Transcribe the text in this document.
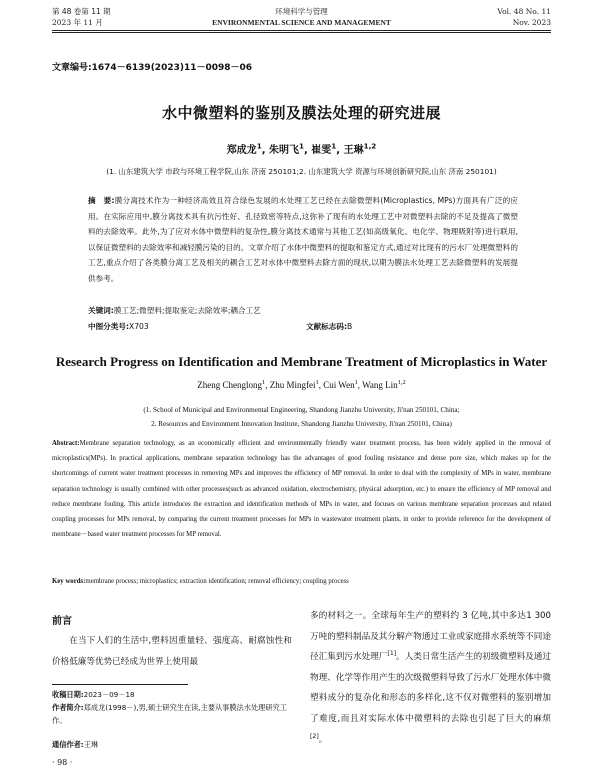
第 48 卷第 11 期
2023 年 11 月
环境科学与管理
ENVIRONMENTAL SCIENCE AND MANAGEMENT
Vol. 48 No. 11
Nov. 2023
文章编号:1674－6139(2023)11－0098－06
水中微塑料的鉴别及膜法处理的研究进展
郑成龙$^1$, 朱明飞$^1$, 崔雯$^1$, 王琳$^{1,2}$
(1. 山东建筑大学 市政与环境工程学院,山东 济南 250101;2. 山东建筑大学 资源与环境创新研究院,山东 济南 250101)
摘　要:膜分离技术作为一种经济高效且符合绿色发展的水处理工艺已经在去除微塑料(Microplastics, MPs)方面具有广泛的应用。在实际应用中,膜分离技术具有抗污性好、孔径致密等特点,这弥补了现有的水处理工艺中对微塑料去除的不足及提高了微塑料的去除效率。此外,为了应对水体中微塑料的复杂性,膜分离技术通常与其他工艺(如高级氧化、电化学、物理吸附等)进行联用,以保证微塑料的去除效率和减轻膜污染的目的。文章介绍了水体中微塑料的提取和鉴定方式,通过对比现有的污水厂处理微塑料的工艺,重点介绍了各类膜分离工艺及相关的耦合工艺对水体中微塑料去除方面的现状,以期为膜法水处理工艺去除微塑料的发展提供参考。
关键词:膜工艺;微塑料;提取鉴定;去除效率;耦合工艺
中图分类号:X703	文献标志码:B
Research Progress on Identification and Membrane Treatment of Microplastics in Water
Zheng Chenglong$^1$, Zhu Mingfei$^1$, Cui Wen$^1$, Wang Lin$^{1,2}$
(1. School of Municipal and Environmental Engineering, Shandong Jianzhu University, Ji'nan 250101, China;
2. Resources and Environment Innovation Institute, Shandong Jianzhu University, Ji'nan 250101, China)
Abstract:Membrane separation technology, as an economically efficient and environmentally friendly water treatment process, has been widely applied in the removal of microplastics(MPs). In practical applications, membrane separation technology has the advantages of good fouling resistance and dense pore size, which makes up for the shortcomings of current water treatment processes in removing MPs and improves the efficiency of MP removal. In order to deal with the complexity of MPs in water, membrane separation technology is usually combined with other processes(such as advanced oxidation, electrochemistry, physical adsorption, etc.) to ensure the efficiency of MP removal and reduce membrane fouling. This article introduces the extraction and identification methods of MPs in water, and focuses on various membrane separation processes and related coupling processes for MPs removal, by comparing the current treatment processes for MPs in wastewater treatment plants, in order to provide reference for the development of membrane－based water treatment processes for MP removal.
Key words:membrane process; microplastics; extraction identification; removal efficiency; coupling process
前言
在当下人们的生活中,塑料因重量轻、强度高、耐腐蚀性和价格低廉等优势已经成为世界上使用最
收稿日期:2023－09－18
作者简介:郑成龙(1998－),男,硕士研究生在读,主要从事膜法水处理研究工作。
通信作者:王琳
多的材料之一。全球每年生产的塑料约 3 亿吨,其中多达1 300万吨的塑料制品及其分解产物通过工业或家庭排水系统等不同途径汇集到污水处理厂[1]。人类日常生活产生的初级微塑料及通过物理、化学等作用产生的次级微塑料导致了污水厂处理水体中微塑料成分的复杂化和形态的多样化,这不仅对微塑料的鉴别增加了难度,而且对实际水体中微塑料的去除也引起了巨大的麻烦[2]。
· 98 ·
